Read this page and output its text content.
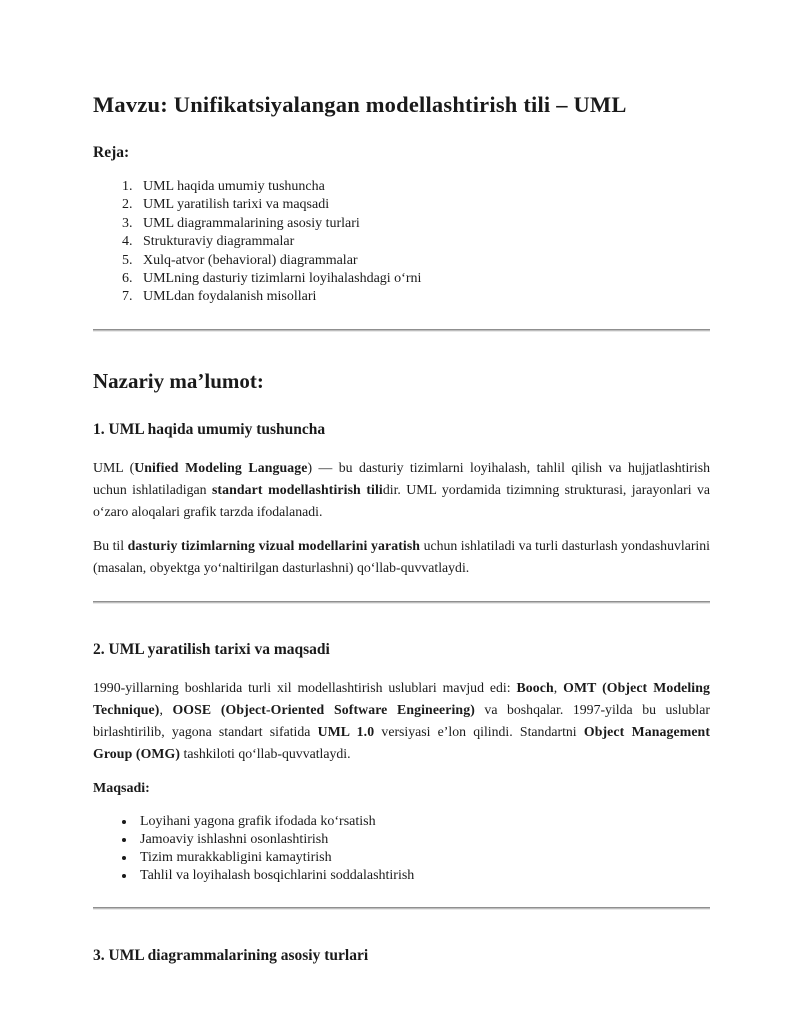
Mavzu: Unifikatsiyalangan modellashtirish tili – UML
Reja:
1. UML haqida umumiy tushuncha
2. UML yaratilish tarixi va maqsadi
3. UML diagrammalarining asosiy turlari
4. Strukturaviy diagrammalar
5. Xulq-atvor (behavioral) diagrammalar
6. UMLning dasturiy tizimlarni loyihalashdagi o‘rni
7. UMLdan foydalanish misollari
Nazariy ma’lumot:
1. UML haqida umumiy tushuncha

UML (Unified Modeling Language) — bu dasturiy tizimlarni loyihalash, tahlil qilish va hujjatlashtirish uchun ishlatiladigan standart modellashtirish tilidir. UML yordamida tizimning strukturasi, jarayonlari va o‘zaro aloqalari grafik tarzda ifodalanadi.

Bu til dasturiy tizimlarning vizual modellarini yaratish uchun ishlatiladi va turli dasturlash yondashuvlarini (masalan, obyektga yo‘naltirilgan dasturlashni) qo‘llab-quvvatlaydi.

2. UML yaratilish tarixi va maqsadi

1990-yillarning boshlarida turli xil modellashtirish uslublari mavjud edi: Booch, OMT (Object Modeling Technique), OOSE (Object-Oriented Software Engineering) va boshqalar. 1997-yilda bu uslublar birlashtirilib, yagona standart sifatida UML 1.0 versiyasi e’lon qilindi. Standartni Object Management Group (OMG) tashkiloti qo‘llab-quvvatlaydi.

Maqsadi:

• Loyihani yagona grafik ifodada ko‘rsatish
• Jamoaviy ishlashni osonlashtirish
• Tizim murakkabligini kamaytirish
• Tahlil va loyihalash bosqichlarini soddalashtirish
3. UML diagrammalarining asosiy turlari
